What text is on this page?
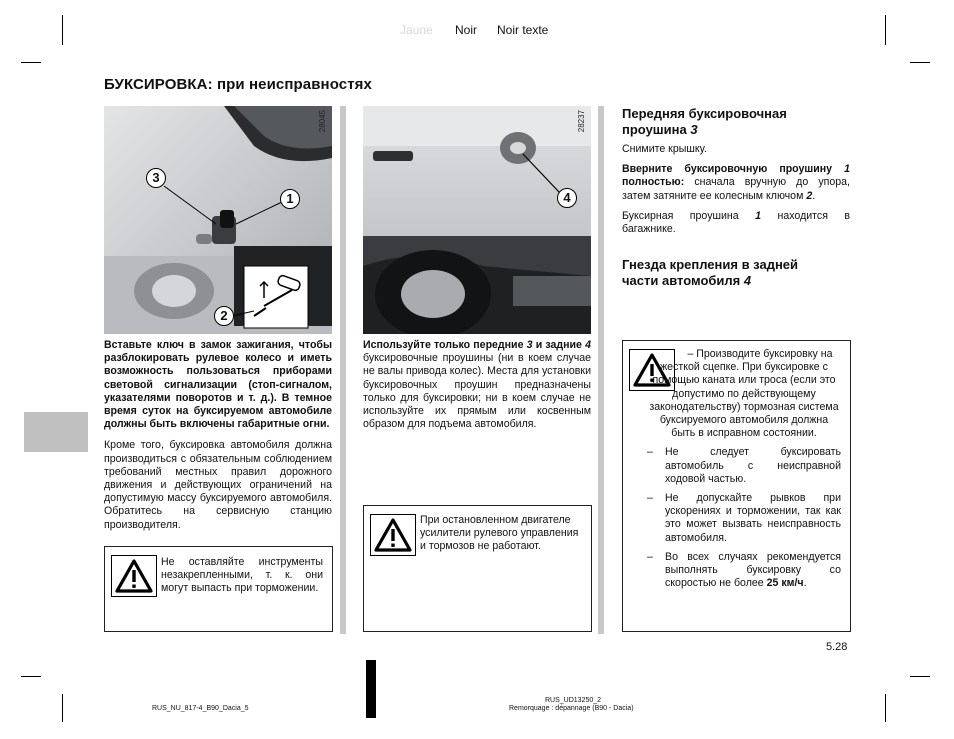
Jaune Noir Noir texte
БУКСИРОВКА: при неисправностях
3
1
2
28045
4
28237

Вставьте ключ в замок зажигания, чтобы разблокировать рулевое колесо и иметь возможность пользоваться приборами световой сигнализации (стоп-сигналом, указателями поворотов и т. д.). В темное время суток на буксируемом автомобиле должны быть включены габаритные огни.

Кроме того, буксировка автомобиля должна производиться с обязательным соблюдением требований местных правил дорожного движения и действующих ограничений на допустимую массу буксируемого автомобиля. Обратитесь на сервисную станцию производителя.

Не оставляйте инструменты незакрепленными, т. к. они могут выпасть при торможении.

Используйте только передние 3 и задние 4 буксировочные проушины (ни в коем случае не валы привода колес). Места для установки буксировочных проушин предназначены только для буксировки; ни в коем случае не используйте их прямым или косвенным образом для подъема автомобиля.

При остановленном двигателе усилители рулевого управления и тормозов не работают.

Передняя буксировочная
проушина 3

Снимите крышку.

Вверните буксировочную проушину 1 полностью: сначала вручную до упора, затем затяните ее колесным ключом 2.

Буксирная проушина 1 находится в багажнике.

Гнезда крепления в задней
части автомобиля 4

– Производите буксировку на жесткой сцепке. При буксировке с помощью каната или троса (если это допустимо по действующему законодательству) тормозная система буксируемого автомобиля должна быть в исправном состоянии.

–	Не следует буксировать автомобиль с неисправной ходовой частью.
–	Не допускайте рывков при ускорениях и торможении, так как это может вызвать неисправность автомобиля.
–	Во всех случаях рекомендуется выполнять буксировку со скоростью не более 25 км/ч.
5.28
RUS_NU_817-4_B90_Dacia_5
RUS_UD13250_2
Remorquage : dépannage (B90 - Dacia)
